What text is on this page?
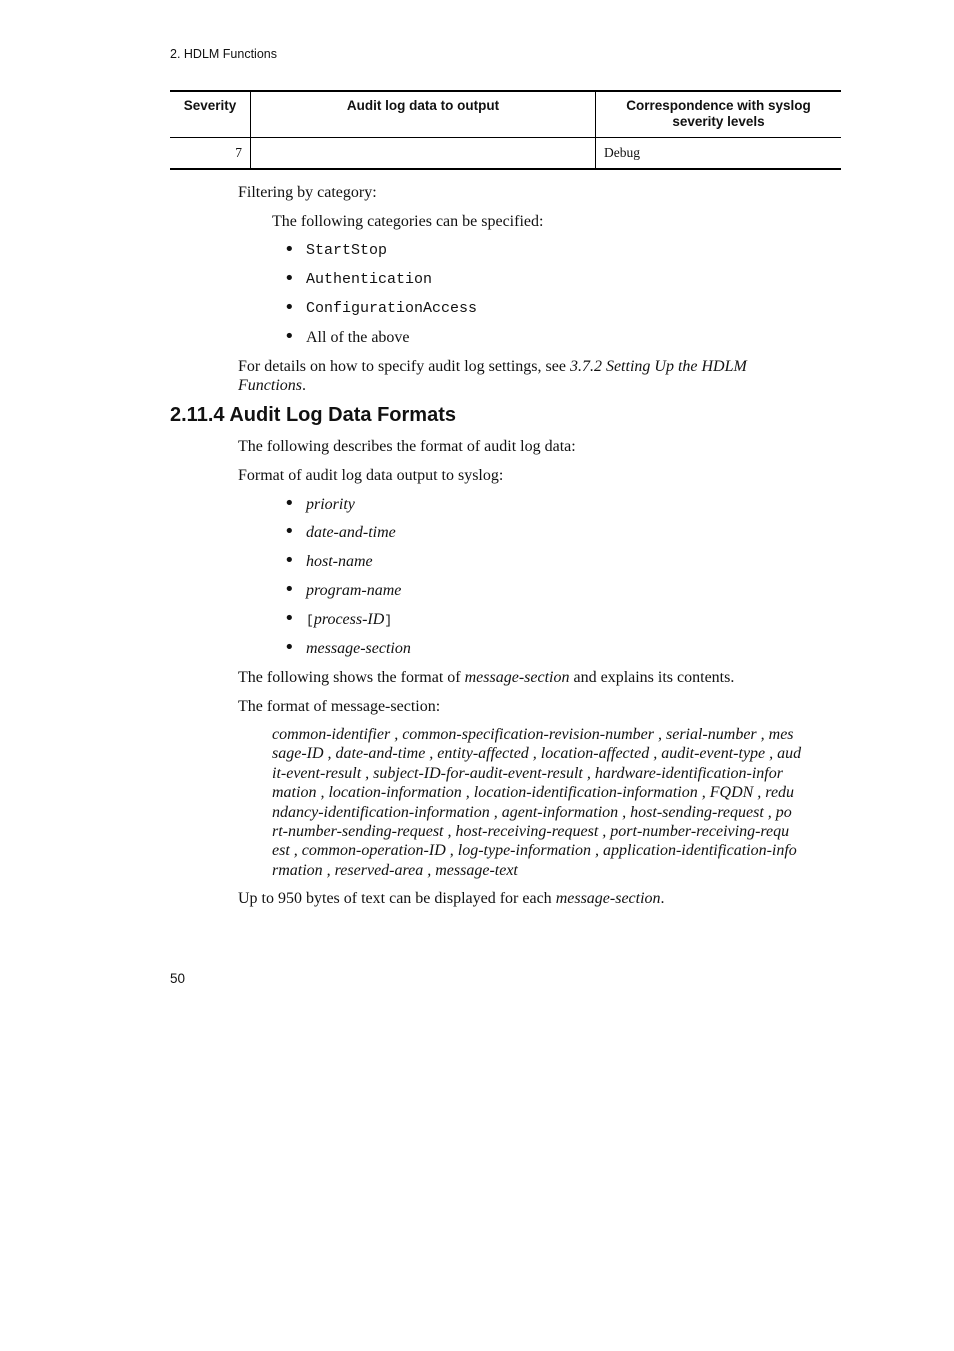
2. HDLM Functions
Severity	Audit log data to output	Correspondence with syslog severity levels
7		Debug
Filtering by category:
The following categories can be specified:
• StartStop
• Authentication
• ConfigurationAccess
• All of the above
For details on how to specify audit log settings, see 3.7.2 Setting Up the HDLM
Functions.
2.11.4 Audit Log Data Formats
The following describes the format of audit log data:
Format of audit log data output to syslog:
• priority
• date-and-time
• host-name
• program-name
• [process-ID]
• message-section
The following shows the format of message-section and explains its contents.
The format of message-section:

common-identifier , common-specification-revision-number , serial-number , mes

sage-ID , date-and-time , entity-affected , location-affected , audit-event-type , aud

it-event-result , subject-ID-for-audit-event-result , hardware-identification-infor

mation , location-information , location-identification-information , FQDN , redu

ndancy-identification-information , agent-information , host-sending-request , po

rt-number-sending-request , host-receiving-request , port-number-receiving-requ

est , common-operation-ID , log-type-information , application-identification-info

rmation , reserved-area , message-text

Up to 950 bytes of text can be displayed for each message-section.
50
